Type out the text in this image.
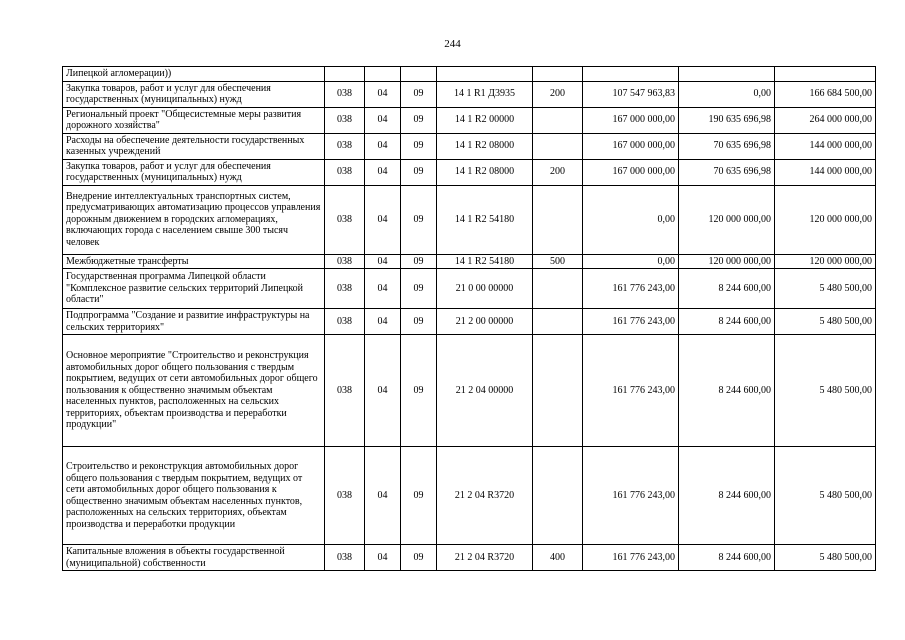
244
Липецкой агломерации))								
Закупка товаров, работ и услуг для обеспечения государственных (муниципальных) нужд	038	04	09	14 1 R1 Д3935	200	107 547 963,83	0,00	166 684 500,00
Региональный проект "Общесистемные меры развития дорожного хозяйства"	038	04	09	14 1 R2 00000		167 000 000,00	190 635 696,98	264 000 000,00
Расходы на обеспечение деятельности государственных казенных учреждений	038	04	09	14 1 R2 08000		167 000 000,00	70 635 696,98	144 000 000,00
Закупка товаров, работ и услуг для обеспечения государственных (муниципальных) нужд	038	04	09	14 1 R2 08000	200	167 000 000,00	70 635 696,98	144 000 000,00
Внедрение интеллектуальных транспортных систем, предусматривающих автоматизацию процессов управления дорожным движением в городских агломерациях, включающих города с населением свыше 300 тысяч человек	038	04	09	14 1 R2 54180		0,00	120 000 000,00	120 000 000,00
Межбюджетные трансферты	038	04	09	14 1 R2 54180	500	0,00	120 000 000,00	120 000 000,00
Государственная программа Липецкой области "Комплексное развитие сельских территорий Липецкой области"	038	04	09	21 0 00 00000		161 776 243,00	8 244 600,00	5 480 500,00
Подпрограмма "Создание и развитие инфраструктуры на сельских территориях"	038	04	09	21 2 00 00000		161 776 243,00	8 244 600,00	5 480 500,00
Основное мероприятие "Строительство и реконструкция автомобильных дорог общего пользования с твердым покрытием, ведущих от сети автомобильных дорог общего пользования к общественно значимым объектам населенных пунктов, расположенных на сельских территориях, объектам производства и переработки продукции"	038	04	09	21 2 04 00000		161 776 243,00	8 244 600,00	5 480 500,00
Строительство и реконструкция автомобильных дорог общего пользования с твердым покрытием, ведущих от сети автомобильных дорог общего пользования к общественно значимым объектам населенных пунктов, расположенных на сельских территориях, объектам производства и переработки продукции	038	04	09	21 2 04 R3720		161 776 243,00	8 244 600,00	5 480 500,00
Капитальные вложения в объекты государственной (муниципальной) собственности	038	04	09	21 2 04 R3720	400	161 776 243,00	8 244 600,00	5 480 500,00
